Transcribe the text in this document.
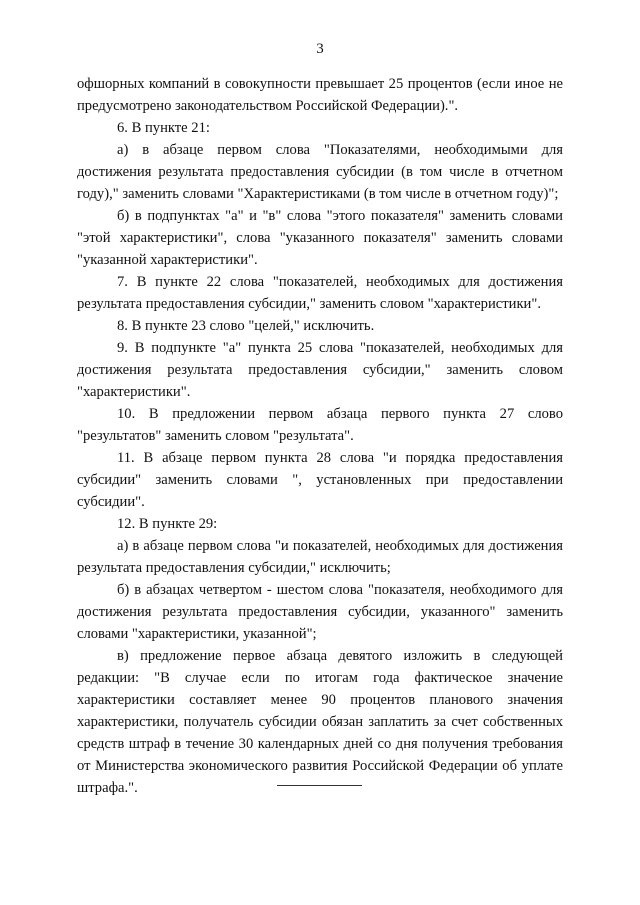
3

офшорных компаний в совокупности превышает 25 процентов (если иное не предусмотрено законодательством Российской Федерации).".

6. В пункте 21:

а) в абзаце первом слова "Показателями, необходимыми для достижения результата предоставления субсидии (в том числе в отчетном году)," заменить словами "Характеристиками (в том числе в отчетном году)";

б) в подпунктах "а" и "в" слова "этого показателя" заменить словами "этой характеристики", слова "указанного показателя" заменить словами "указанной характеристики".

7. В пункте 22 слова "показателей, необходимых для достижения результата предоставления субсидии," заменить словом "характеристики".

8. В пункте 23 слово "целей," исключить.

9. В подпункте "а" пункта 25 слова "показателей, необходимых для достижения результата предоставления субсидии," заменить словом "характеристики".

10. В предложении первом абзаца первого пункта 27 слово "результатов" заменить словом "результата".

11. В абзаце первом пункта 28 слова "и порядка предоставления субсидии" заменить словами ", установленных при предоставлении субсидии".

12. В пункте 29:

а) в абзаце первом слова "и показателей, необходимых для достижения результата предоставления субсидии," исключить;

б) в абзацах четвертом - шестом слова "показателя, необходимого для достижения результата предоставления субсидии, указанного" заменить словами "характеристики, указанной";

в) предложение первое абзаца девятого изложить в следующей редакции: "В случае если по итогам года фактическое значение характеристики составляет менее 90 процентов планового значения характеристики, получатель субсидии обязан заплатить за счет собственных средств штраф в течение 30 календарных дней со дня получения требования от Министерства экономического развития Российской Федерации об уплате штрафа.".
